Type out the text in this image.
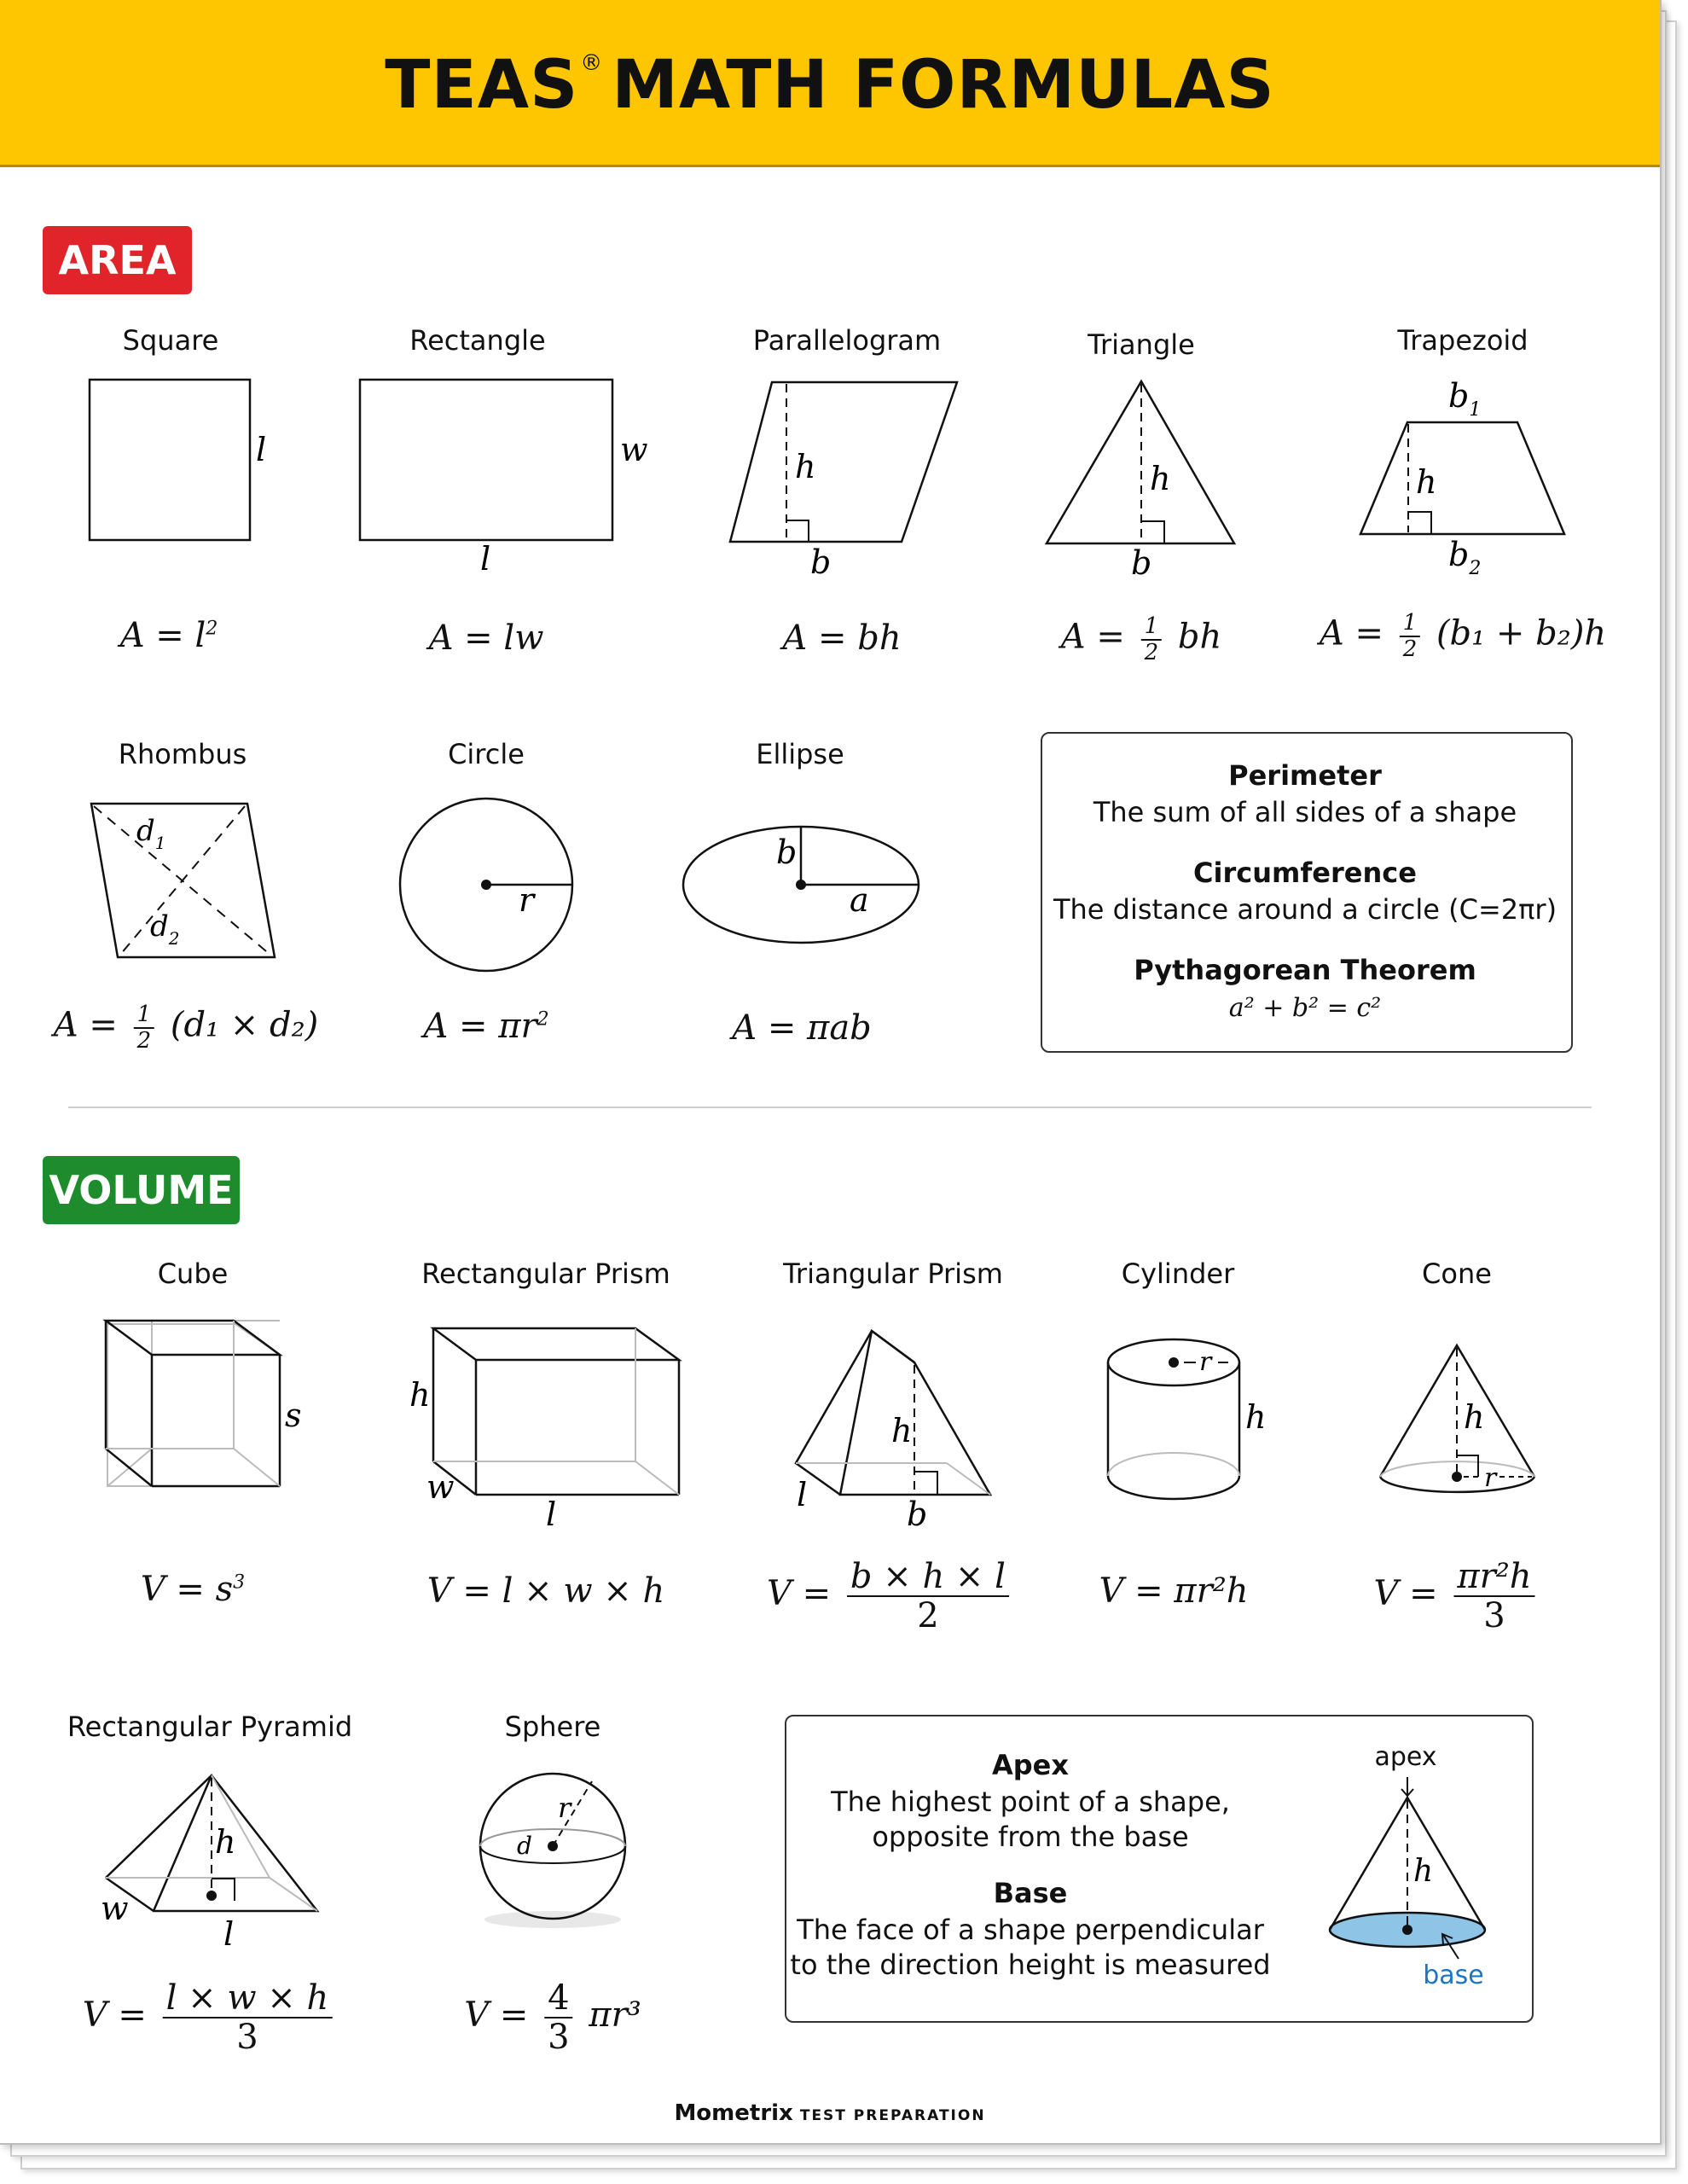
TEAS® MATH FORMULAS
AREA
Square	Rectangle	Parallelogram	Triangle	Trapezoid
l	w
l
h
b
h
b
$b_1$
h
$b_2$
$d_1$
$d_2$
r
b
a
s
h
w
l
h
l
b
r
h	h
r
h
w
l
r
d
$A = l^2$	A = lw	A = bh	$A = \frac{1}{2}$ bh	$A = \frac{1}{2} (b_1 + b_2)h$
Rhombus	Circle	Ellipse
$A = \frac{1}{2} (d_1 \times d_2)$	$A = \pi r^2$	A = πab
Perimeter
The sum of all sides of a shape
Circumference
The distance around a circle (C=2πr)
Pythagorean Theorem
a² + b² = c²
VOLUME
Cube	Rectangular Prism	Triangular Prism	Cylinder	Cone
$V = s^3$	V = l × w × h	$V = \frac{b \times h \times l}{2}$	V = πr²h	$V = \frac{\text{πr²h}}{3}$
Rectangular Pyramid	Sphere
$V = \frac{l \times w \times h}{3}$	$V = \frac{4}{3} \pi r^3$
Apex
The highest point of a shape,
opposite from the base
Base
The face of a shape perpendicular
to the direction height is measured
h
apex
base
Mometrix TEST PREPARATION
